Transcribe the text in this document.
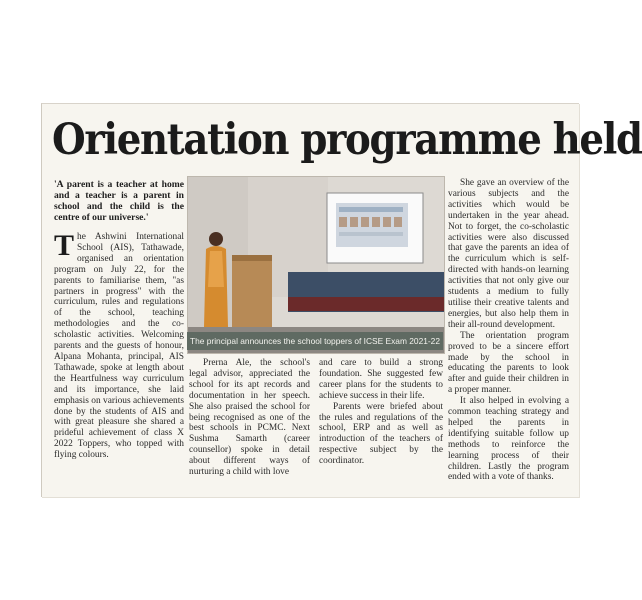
Orientation programme held
'A parent is a teacher at home and a teacher is a parent in school and the child is the centre of our universe.'
The Ashwini International School (AIS), Tathawade, organised an orientation program on July 22, for the parents to familiarise them, "as partners in progress" with the curriculum, rules and regulations of the school, teaching methodologies and the co-scholastic activities. Welcoming parents and the guests of honour, Alpana Mohanta, principal, AIS Tathawade, spoke at length about the Heartfulness way curriculum and its importance, she laid emphasis on various achievements done by the students of AIS and with great pleasure she shared a prideful achievement of class X 2022 Toppers, who topped with flying colours.
The principal announces the school toppers of ICSE Exam 2021-22
Prerna Ale, the school's legal advisor, appreciated the school for its apt records and documentation in her speech. She also praised the school for being recognised as one of the best schools in PCMC. Next Sushma Samarth (career counsellor) spoke in detail about different ways of nurturing a child with love

and care to build a strong foundation. She suggested few career plans for the students to achieve success in their life.

Parents were briefed about the rules and regulations of the school, ERP and as well as introduction of the teachers of respective subject by the coordinator.

She gave an overview of the various subjects and the activities which would be undertaken in the year ahead. Not to forget, the co-scholastic activities were also discussed that gave the parents an idea of the curriculum which is self-directed with hands-on learning activities that not only give our students a medium to fully utilise their creative talents and energies, but also help them in their all-round development.

The orientation program proved to be a sincere effort made by the school in educating the parents to look after and guide their children in a proper manner.

It also helped in evolving a common teaching strategy and helped the parents in identifying suitable follow up methods to reinforce the learning process of their children. Lastly the program ended with a vote of thanks.
